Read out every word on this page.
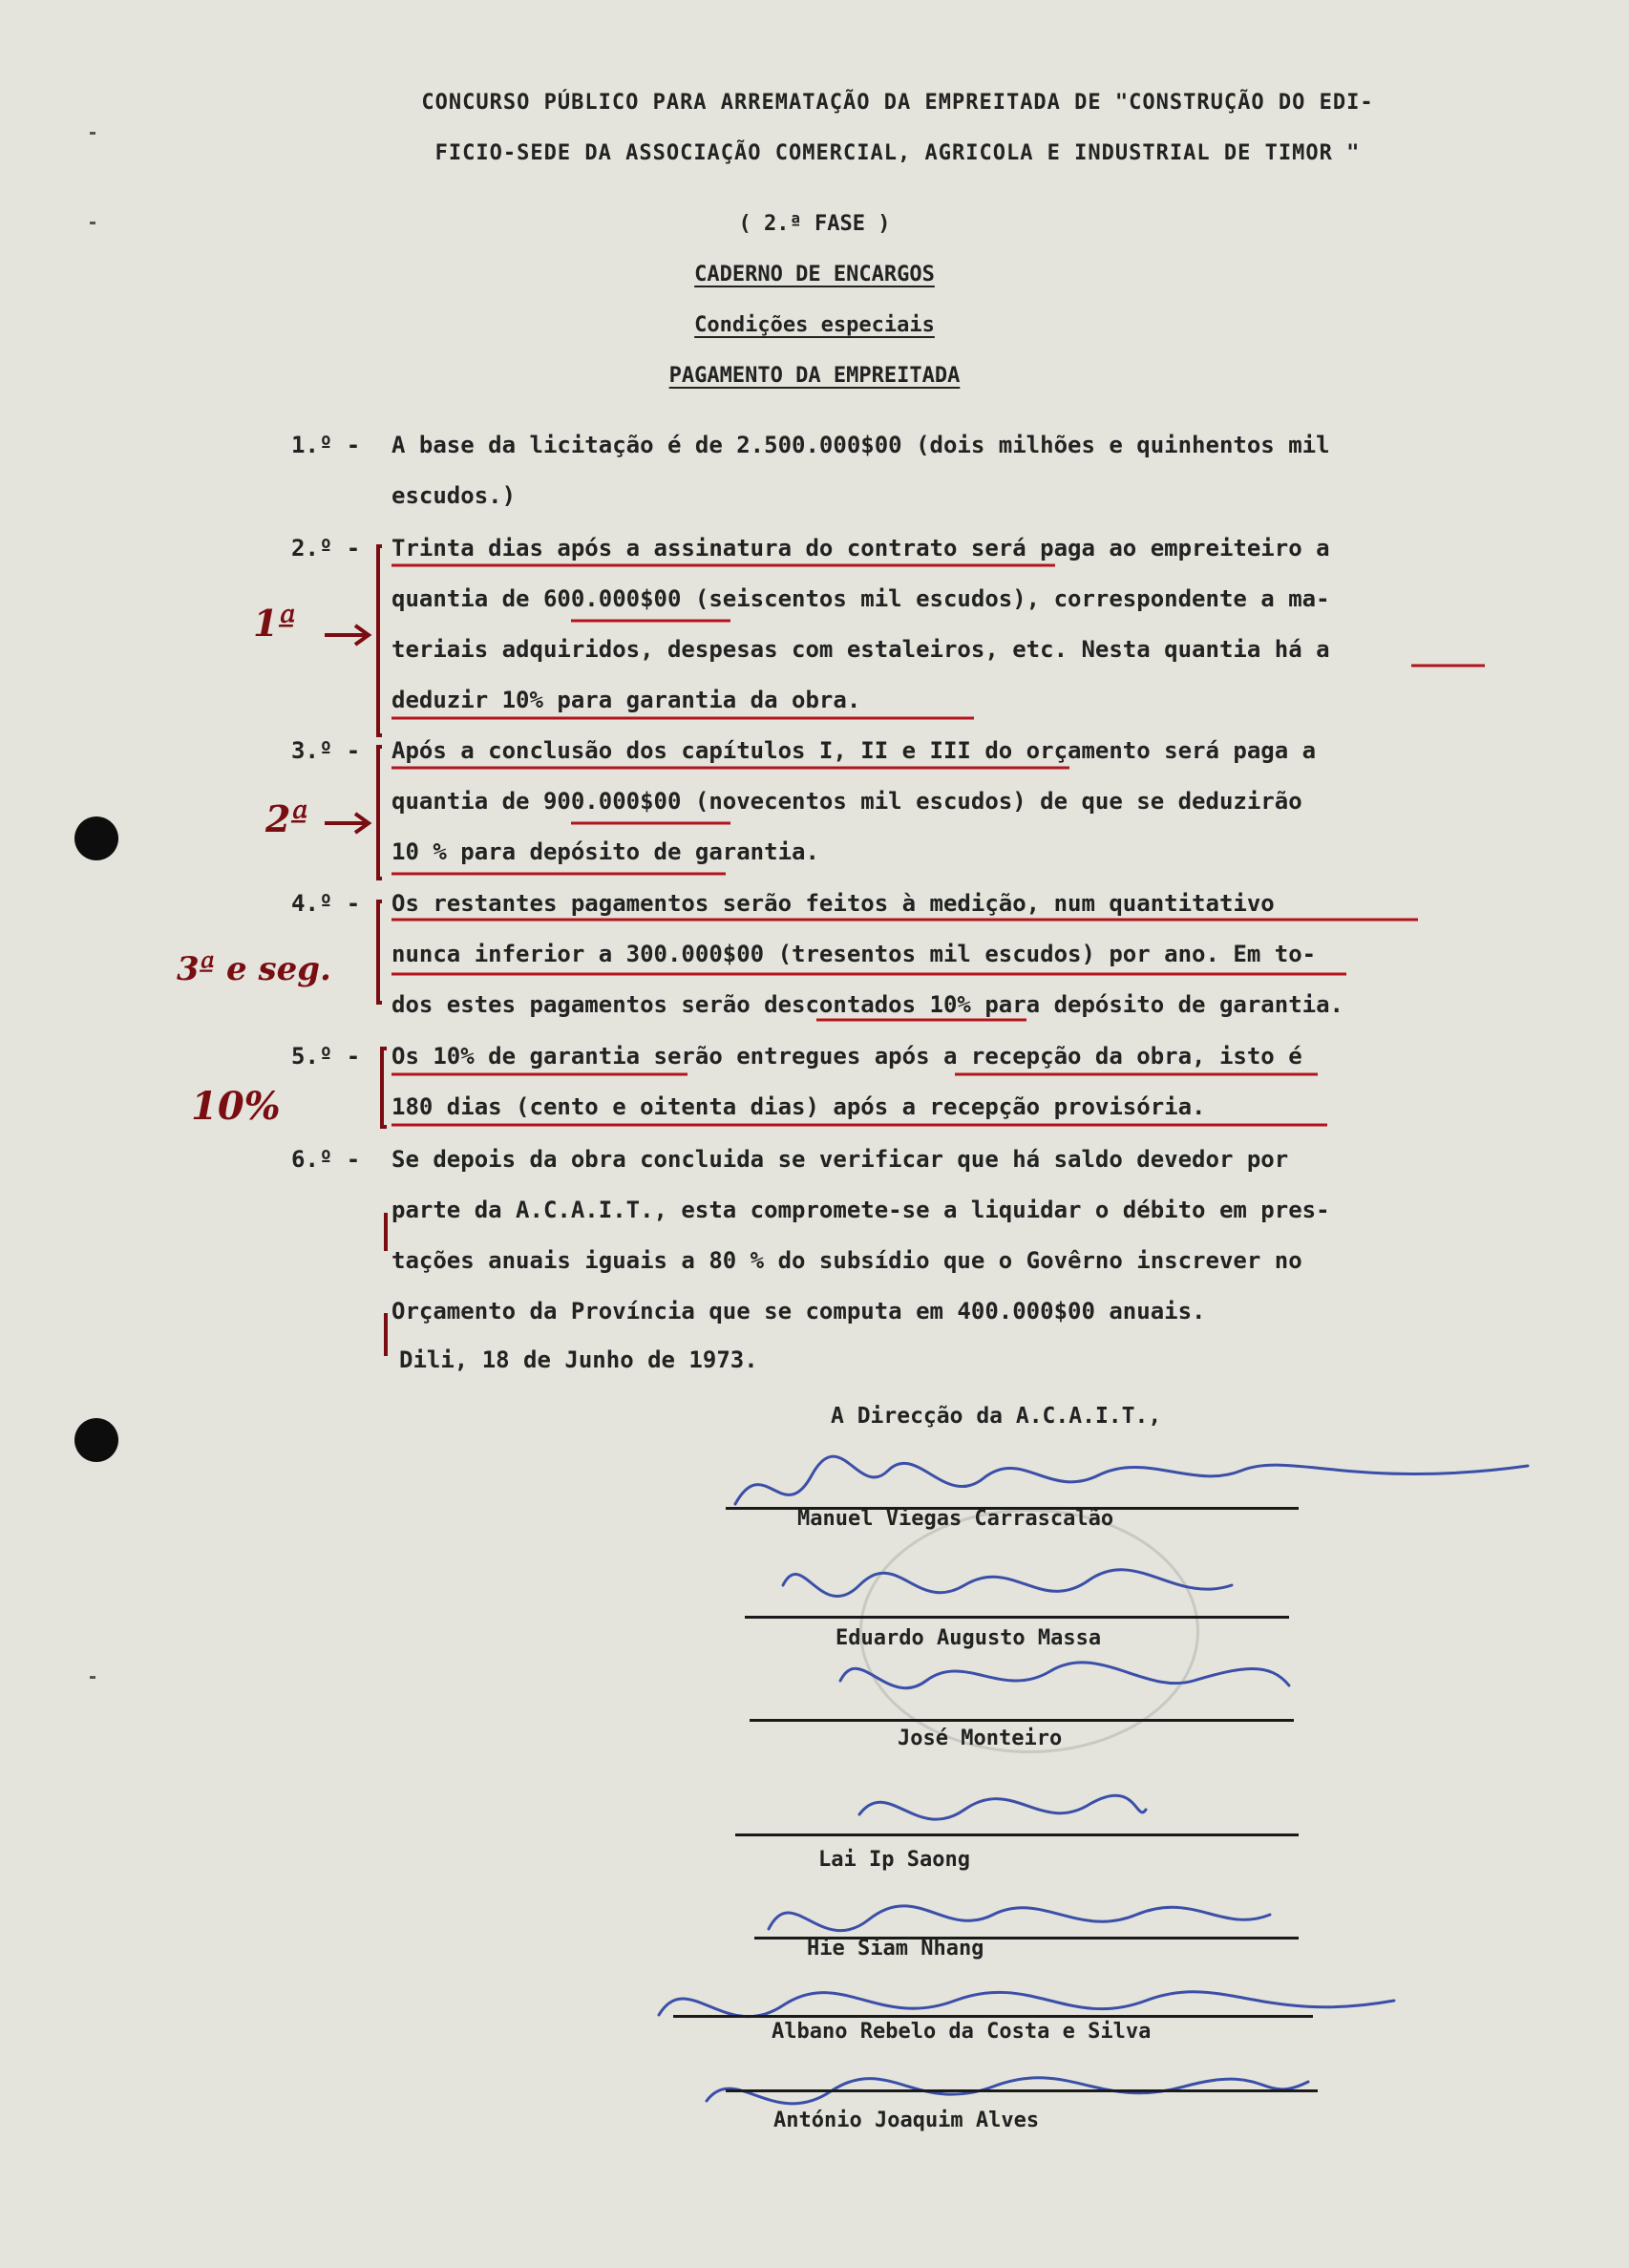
CONCURSO PÚBLICO PARA ARREMATAÇÃO DA EMPREITADA DE "CONSTRUÇÃO DO EDI-
FICIO-SEDE DA ASSOCIAÇÃO COMERCIAL, AGRICOLA E INDUSTRIAL DE TIMOR "
( 2.ª FASE )
CADERNO DE ENCARGOS
Condições especiais
PAGAMENTO DA EMPREITADA
1.º -	A base da licitação é de 2.500.000$00 (dois milhões e quinhentos mil
escudos.)
2.º -	Trinta dias após a assinatura do contrato será paga ao empreiteiro a
quantia de 600.000$00 (seiscentos mil escudos), correspondente a ma-
teriais adquiridos, despesas com estaleiros, etc. Nesta quantia há a
deduzir 10% para garantia da obra.
3.º -	Após a conclusão dos capítulos I, II e III do orçamento será paga a
quantia de 900.000$00 (novecentos mil escudos) de que se deduzirão
10 % para depósito de garantia.
4.º -	Os restantes pagamentos serão feitos à medição, num quantitativo
nunca inferior a 300.000$00 (tresentos mil escudos) por ano. Em to-
dos estes pagamentos serão descontados 10% para depósito de garantia.
5.º -	Os 10% de garantia serão entregues após a recepção da obra, isto é
180 dias (cento e oitenta dias) após a recepção provisória.
6.º -	Se depois da obra concluida se verificar que há saldo devedor por
parte da A.C.A.I.T., esta compromete-se a liquidar o débito em pres-
tações anuais iguais a 80 % do subsídio que o Govêrno inscrever no
Orçamento da Província que se computa em 400.000$00 anuais.
1ª
2ª
3ª e seg.
10%
Dili, 18 de Junho de 1973.
A Direcção da A.C.A.I.T.,
Manuel Viegas Carrascalão
Eduardo Augusto Massa
José Monteiro
Lai Ip Saong
Hie Siam Nhang
Albano Rebelo da Costa e Silva
António Joaquim Alves
